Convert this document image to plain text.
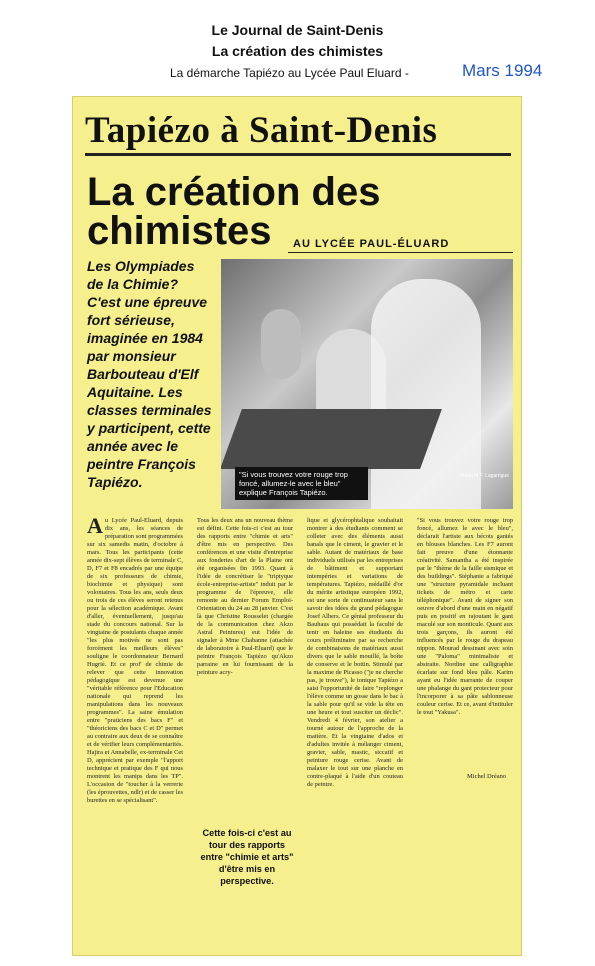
Le Journal de Saint-Denis
La création des chimistes
La démarche Tapiézo au Lycée Paul Eluard -	Mars 1994
Tapiézo à Saint-Denis
La création des
chimistes	AU LYCÉE PAUL-ÉLUARD
Les Olympiades de la Chimie? C'est une épreuve fort sérieuse, imaginée en 1984 par monsieur Barbouteau d'Elf Aquitaine. Les classes terminales y participent, cette année avec le peintre François Tapiézo.	"Si vous trouvez votre rouge trop foncé, allumez-le avec le bleu" explique François Tapiézo.
Photo M.F. Lagarrigue
A u Lycée Paul-Eluard, depuis dix ans, les séances de préparation sont programmées sur six samedis matin, d'octobre à mars. Tous les participants (cette année dix-sept élèves de terminale C, D, F7 et F8 encadrés par une équipe de six professeurs de chimie, biochimie et physique) sont volontaires. Tous les ans, seuls deux ou trois de ces élèves seront retenus pour la sélection académique. Avant d'aller, éventuellement, jusqu'au stade du concours national. Sur la vingtaine de postulants chaque année "les plus motivés ne sont pas forcément les meilleurs élèves" souligne le coordonnateur Bernard Hugrié. Et ce prof' de chimie de relever que cette innovation pédagogique est devenue une "véritable référence pour l'Education nationale qui reprend les manipulations dans les nouveaux programmes". La saine émulation entre "praticiens des bacs F" et "théoriciens des bacs C et D" permet au contraire aux deux de se connaître et de vérifier leurs complémentarités. Hajira et Annabelle, ex-terminale Cet D, apprécient par exemple "l'apport technique et pratique des F qui nous montrent les manips dans les TP". L'occasion de "toucher à la verrerie (les éprouvettes, ndlr) et de casser les burettes en se spécialisant".
Tous les deux ans un nouveau thème est défini. Cette fois-ci c'est au tour des rapports entre "chimie et arts" d'être mis en perspective. Des conférences et une visite d'entreprise aux fonderies d'art de la Plaine ont été organisées fin 1993. Quant à l'idée de concrétiser le "triptyque école-entreprise-artiste" induit par le programme de l'épreuve, elle remonte au dernier Forum Emploi-Orientation du 24 au 28 janvier. C'est là que Christine Rousselet (chargée de la communication chez Akzo Astral Peintures) eut l'idée de signaler à Mme Chabanne (attachée de laboratoire à Paul-Eluard) que le peintre François Tapiézo qu'Akzo parraine en lui fournissant de la peinture acry-
Cette fois-ci c'est au tour des rapports entre "chimie et arts" d'être mis en perspective.
lique et glycérophtalique souhaitait montrer à des étudiants comment se colleter avec des éléments aussi banals que le ciment, le gravier et le sable. Autant de matériaux de base individuels utilisés par les entreprises de bâtiment et supportant intempéries et variations de températures. Tapiézo, médaillé d'or du mérite artistique européen 1992, est une sorte de continuateur sans le savoir des idées du grand pédagogue Josef Albers. Ce génial professeur du Bauhaus qui possédait la faculté de tenir en haleine ses étudiants du cours préliminaire par sa recherche de combinaisons de matériaux aussi divers que le sable mouillé, la boîte de conserve et le bottin. Stimulé par la maxime de Picasso ("je ne cherche pas, je trouve"), le tonique Tapiézo a saisi l'opportunité de faire "replonger l'élève comme un gosse dans le bac à la sable pour qu'il se vide la tête en une heure et tout susciter un déclic". Vendredi 4 février, son atelier a tourné autour de l'approche de la matière. Et la vingtaine d'ados et d'adultes invitée à mélanger ciment, gravier, sable, mastic, siccatif et peinture rouge cerise. Avant de malaxer le tout sur une planche en contre-plaqué à l'aide d'un couteau de peintre.
"Si vous trouvez votre rouge trop foncé, allumez le avec le bleu", déclarait l'artiste aux bécots gantés en blouses blanches. Les F7 auront fait preuve d'une étonnante créativité. Samantha a été inspirée par le "thème de la faille sismique et des buildings". Stéphanie a fabriqué une "structure pyramidale incluant tickets de métro et carte téléphonique". Avant de signer son oeuvre d'abord d'une main en négatif puis en positif en rajoutant le gant maculé sur son monticule. Quant aux trois garçons, ils auront été influencés par le rouge du drapeau nippon. Mourad dessinant avec soin une "Paloma" minimaliste et abstraite. Nordine une calligraphie écarlate sur fond bleu pâle. Karim ayant eu l'idée marrante de couper une phalange du gant protecteur pour l'incorporer à sa pâte sablonneuse couleur cerise. Et ce, avant d'intituler le tout "Yakusa".
Michel Dréano
